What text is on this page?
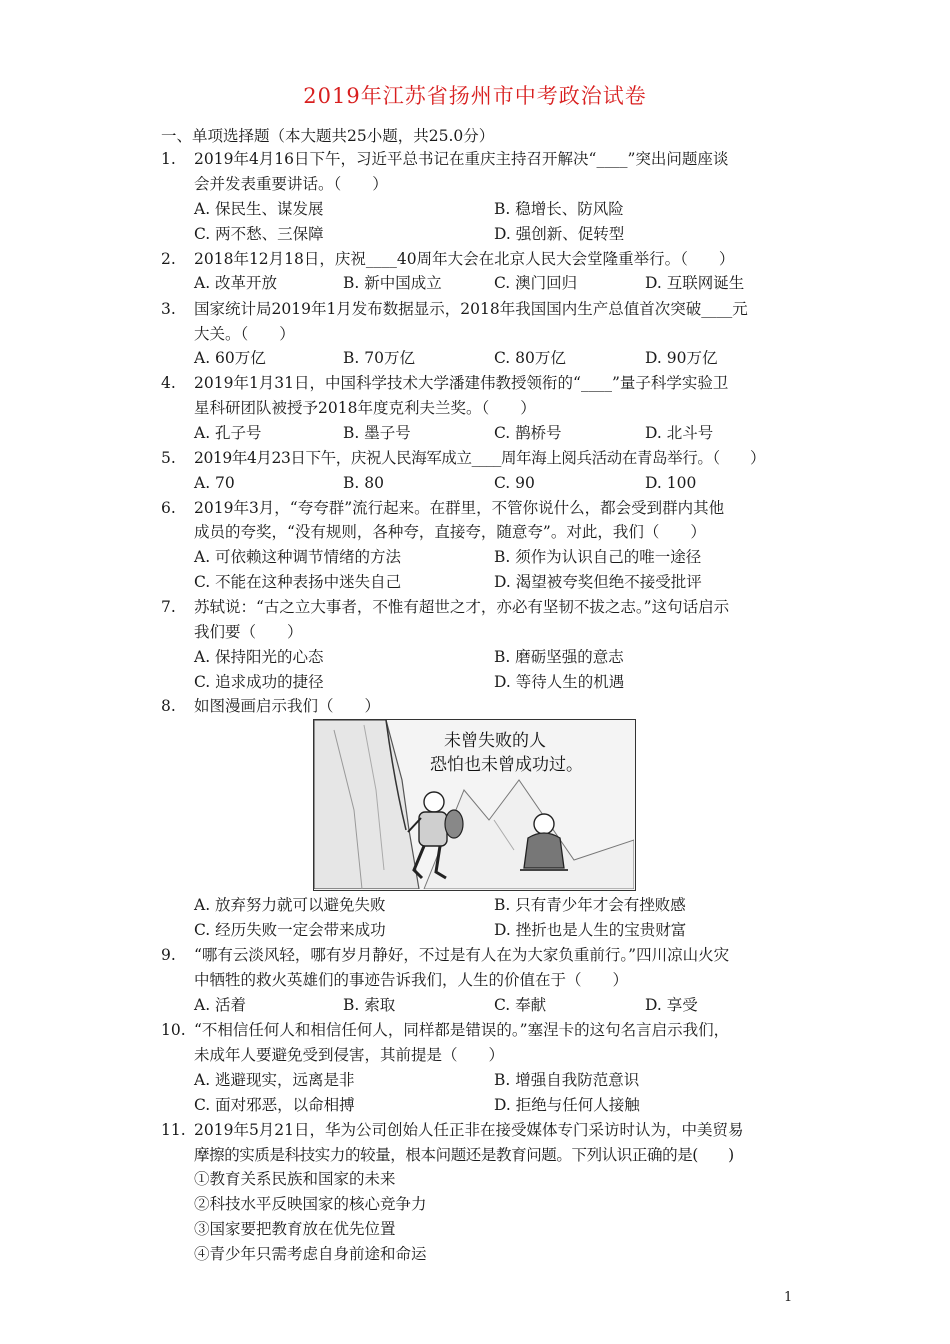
2019年江苏省扬州市中考政治试卷
一、单项选择题（本大题共25小题，共25.0分）
1. 2019年4月16日下午，习近平总书记在重庆主持召开解决“____”突出问题座谈
会并发表重要讲话。（　　）
A. 保民生、谋发展	B. 稳增长、防风险
C. 两不愁、三保障	D. 强创新、促转型
2. 2018年12月18日，庆祝____40周年大会在北京人民大会堂隆重举行。（　　）
A. 改革开放	B. 新中国成立	C. 澳门回归	D. 互联网诞生
3. 国家统计局2019年1月发布数据显示，2018年我国国内生产总值首次突破____元
大关。（　　）
A. 60万亿	B. 70万亿	C. 80万亿	D. 90万亿
4. 2019年1月31日，中国科学技术大学潘建伟教授领衔的“____”量子科学实验卫
星科研团队被授予2018年度克利夫兰奖。（　　）
A. 孔子号	B. 墨子号	C. 鹊桥号	D. 北斗号
5. 2019年4月23日下午，庆祝人民海军成立____周年海上阅兵活动在青岛举行。（　　）
A. 70	B. 80	C. 90	D. 100
6. 2019年3月，“夸夸群”流行起来。在群里，不管你说什么，都会受到群内其他
成员的夸奖，“没有规则，各种夸，直接夸，随意夸”。对此，我们（　　）
A. 可依赖这种调节情绪的方法	B. 须作为认识自己的唯一途径
C. 不能在这种表扬中迷失自己	D. 渴望被夸奖但绝不接受批评
7. 苏轼说：“古之立大事者，不惟有超世之才，亦必有坚韧不拔之志。”这句话启示
我们要（　　）
A. 保持阳光的心态	B. 磨砺坚强的意志
C. 追求成功的捷径	D. 等待人生的机遇
8. 如图漫画启示我们（　　）
未曾失败的人
恐怕也未曾成功过。
A. 放弃努力就可以避免失败	B. 只有青少年才会有挫败感
C. 经历失败一定会带来成功	D. 挫折也是人生的宝贵财富
9. “哪有云淡风轻，哪有岁月静好，不过是有人在为大家负重前行。”四川凉山火灾
中牺牲的救火英雄们的事迹告诉我们，人生的价值在于（　　）
A. 活着	B. 索取	C. 奉献	D. 享受
10. “不相信任何人和相信任何人，同样都是错误的。”塞涅卡的这句名言启示我们，
未成年人要避免受到侵害，其前提是（　　）
A. 逃避现实，远离是非	B. 增强自我防范意识
C. 面对邪恶，以命相搏	D. 拒绝与任何人接触
11. 2019年5月21日，华为公司创始人任正非在接受媒体专门采访时认为，中美贸易
摩擦的实质是科技实力的较量，根本问题还是教育问题。下列认识正确的是(　　)
①教育关系民族和国家的未来
②科技水平反映国家的核心竞争力
③国家要把教育放在优先位置
④青少年只需考虑自身前途和命运
1
